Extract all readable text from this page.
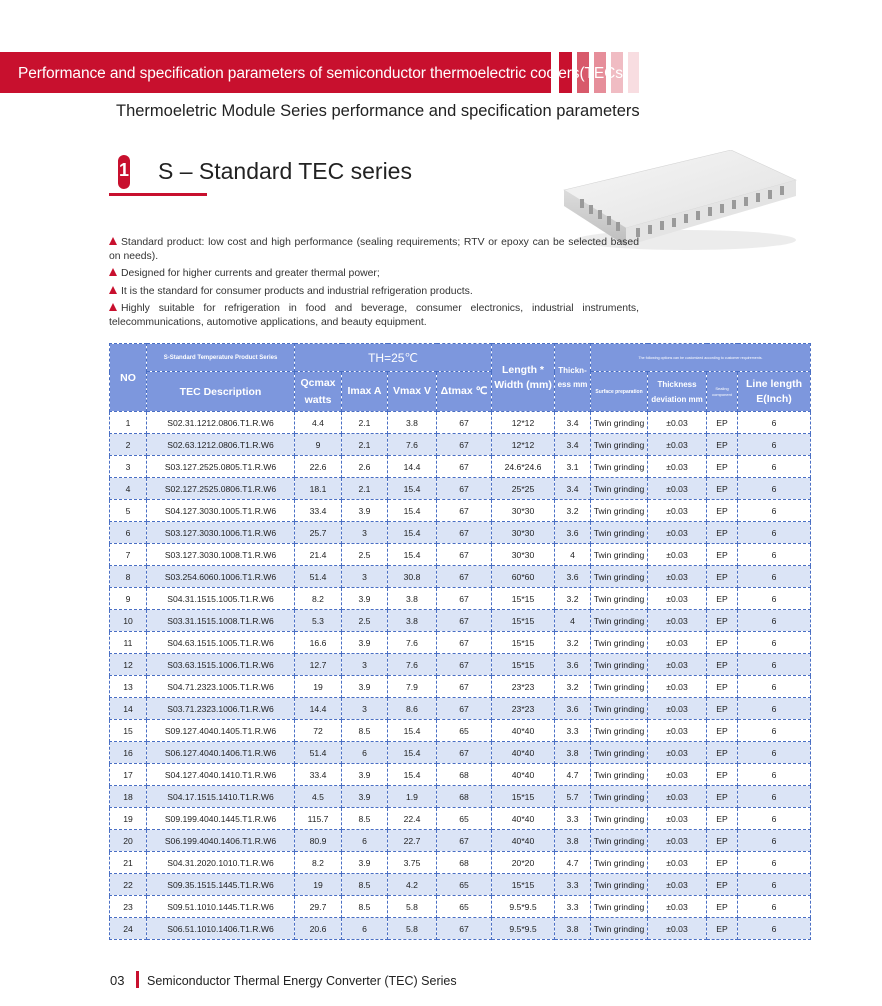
Performance and specification parameters of semiconductor thermoelectric coolers(TECs
Thermoeletric Module Series performance and specification parameters
1 S – Standard TEC series
Standard product: low cost and high performance (sealing requirements; RTV or epoxy can be selected based on needs).
Designed for higher currents and greater thermal power;
It is the standard for consumer products and industrial refrigeration products.
Highly suitable for refrigeration in food and beverage, consumer electronics, industrial instruments, telecommunications, automotive applications, and beauty equipment.
NO	S-Standard Temperature Product Series	TH=25℃				Length * Width (mm)	Thickn-ess mm	The following options can be customized according to customer requirements.			
	TEC Description	Qcmax watts	Imax A	Vmax V	Δtmax ℃			Surface preparation	Thickness deviation mm	Sealing component	Line length E(Inch)
1	S02.31.1212.0806.T1.R.W6	4.4	2.1	3.8	67	12*12	3.4	Twin grinding	±0.03	EP	6
2	S02.63.1212.0806.T1.R.W6	9	2.1	7.6	67	12*12	3.4	Twin grinding	±0.03	EP	6
3	S03.127.2525.0805.T1.R.W6	22.6	2.6	14.4	67	24.6*24.6	3.1	Twin grinding	±0.03	EP	6
4	S02.127.2525.0806.T1.R.W6	18.1	2.1	15.4	67	25*25	3.4	Twin grinding	±0.03	EP	6
5	S04.127.3030.1005.T1.R.W6	33.4	3.9	15.4	67	30*30	3.2	Twin grinding	±0.03	EP	6
6	S03.127.3030.1006.T1.R.W6	25.7	3	15.4	67	30*30	3.6	Twin grinding	±0.03	EP	6
7	S03.127.3030.1008.T1.R.W6	21.4	2.5	15.4	67	30*30	4	Twin grinding	±0.03	EP	6
8	S03.254.6060.1006.T1.R.W6	51.4	3	30.8	67	60*60	3.6	Twin grinding	±0.03	EP	6
9	S04.31.1515.1005.T1.R.W6	8.2	3.9	3.8	67	15*15	3.2	Twin grinding	±0.03	EP	6
10	S03.31.1515.1008.T1.R.W6	5.3	2.5	3.8	67	15*15	4	Twin grinding	±0.03	EP	6
11	S04.63.1515.1005.T1.R.W6	16.6	3.9	7.6	67	15*15	3.2	Twin grinding	±0.03	EP	6
12	S03.63.1515.1006.T1.R.W6	12.7	3	7.6	67	15*15	3.6	Twin grinding	±0.03	EP	6
13	S04.71.2323.1005.T1.R.W6	19	3.9	7.9	67	23*23	3.2	Twin grinding	±0.03	EP	6
14	S03.71.2323.1006.T1.R.W6	14.4	3	8.6	67	23*23	3.6	Twin grinding	±0.03	EP	6
15	S09.127.4040.1405.T1.R.W6	72	8.5	15.4	65	40*40	3.3	Twin grinding	±0.03	EP	6
16	S06.127.4040.1406.T1.R.W6	51.4	6	15.4	67	40*40	3.8	Twin grinding	±0.03	EP	6
17	S04.127.4040.1410.T1.R.W6	33.4	3.9	15.4	68	40*40	4.7	Twin grinding	±0.03	EP	6
18	S04.17.1515.1410.T1.R.W6	4.5	3.9	1.9	68	15*15	5.7	Twin grinding	±0.03	EP	6
19	S09.199.4040.1445.T1.R.W6	115.7	8.5	22.4	65	40*40	3.3	Twin grinding	±0.03	EP	6
20	S06.199.4040.1406.T1.R.W6	80.9	6	22.7	67	40*40	3.8	Twin grinding	±0.03	EP	6
21	S04.31.2020.1010.T1.R.W6	8.2	3.9	3.75	68	20*20	4.7	Twin grinding	±0.03	EP	6
22	S09.35.1515.1445.T1.R.W6	19	8.5	4.2	65	15*15	3.3	Twin grinding	±0.03	EP	6
23	S09.51.1010.1445.T1.R.W6	29.7	8.5	5.8	65	9.5*9.5	3.3	Twin grinding	±0.03	EP	6
24	S06.51.1010.1406.T1.R.W6	20.6	6	5.8	67	9.5*9.5	3.8	Twin grinding	±0.03	EP	6
03 Semiconductor Thermal Energy Converter (TEC) Series
